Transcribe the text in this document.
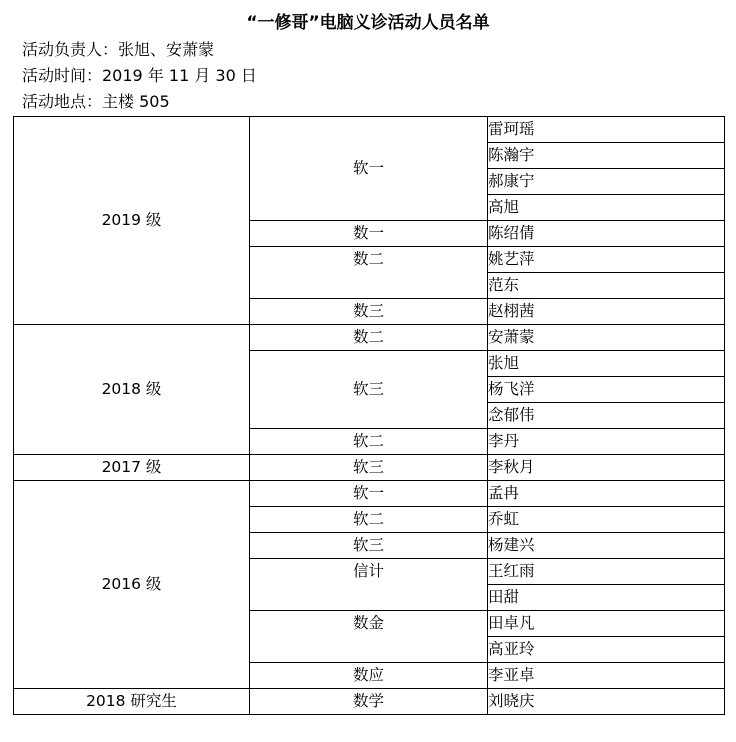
“一修哥”电脑义诊活动人员名单
活动负责人：张旭、安萧蒙
活动时间：2019 年 11 月 30 日
活动地点：主楼 505
2019 级	软一	雷珂瑶
		陈瀚宇
		郝康宁
		高旭
	数一	陈绍倩
	数二	姚艺萍
		范东
	数三	赵栩茜
2018 级	数二	安萧蒙
	软三	张旭
		杨飞洋
		念郁伟
	软二	李丹
2017 级	软三	李秋月
2016 级	软一	孟冉
	软二	乔虹
	软三	杨建兴
	信计	王红雨
		田甜
	数金	田卓凡
		高亚玲
	数应	李亚卓
2018 研究生	数学	刘晓庆
